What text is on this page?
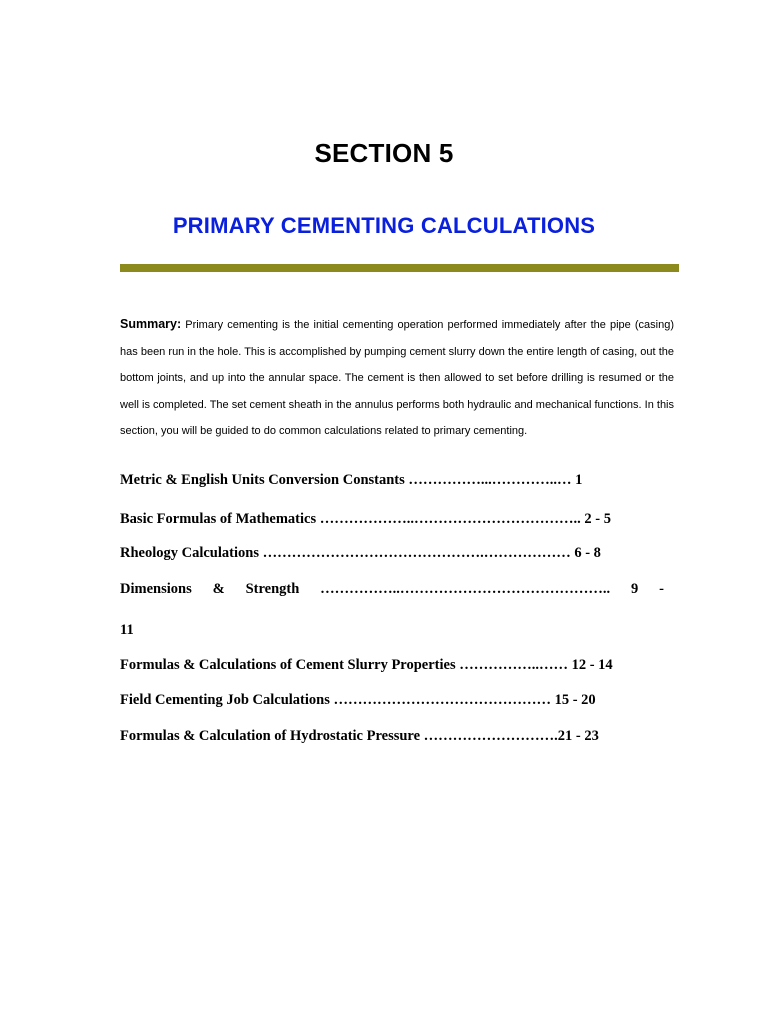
SECTION 5
PRIMARY CEMENTING CALCULATIONS
Summary: Primary cementing is the initial cementing operation performed immediately after the pipe (casing) has been run in the hole. This is accomplished by pumping cement slurry down the entire length of casing, out the bottom joints, and up into the annular space. The cement is then allowed to set before drilling is resumed or the well is completed. The set cement sheath in the annulus performs both hydraulic and mechanical functions. In this section, you will be guided to do common calculations related to primary cementing.
Metric & English Units Conversion Constants ……………...…………..… 1
Basic Formulas of Mathematics ………………..…………………………….. 2 - 5
Rheology Calculations ……………………………………….……………… 6 - 8
Dimensions & Strength ……………..…………………………………….. 9 -
11
Formulas & Calculations of Cement Slurry Properties ……………..…… 12 - 14
Field Cementing Job Calculations ……………………………………… 15 - 20
Formulas & Calculation of Hydrostatic Pressure ……………………….21 - 23
